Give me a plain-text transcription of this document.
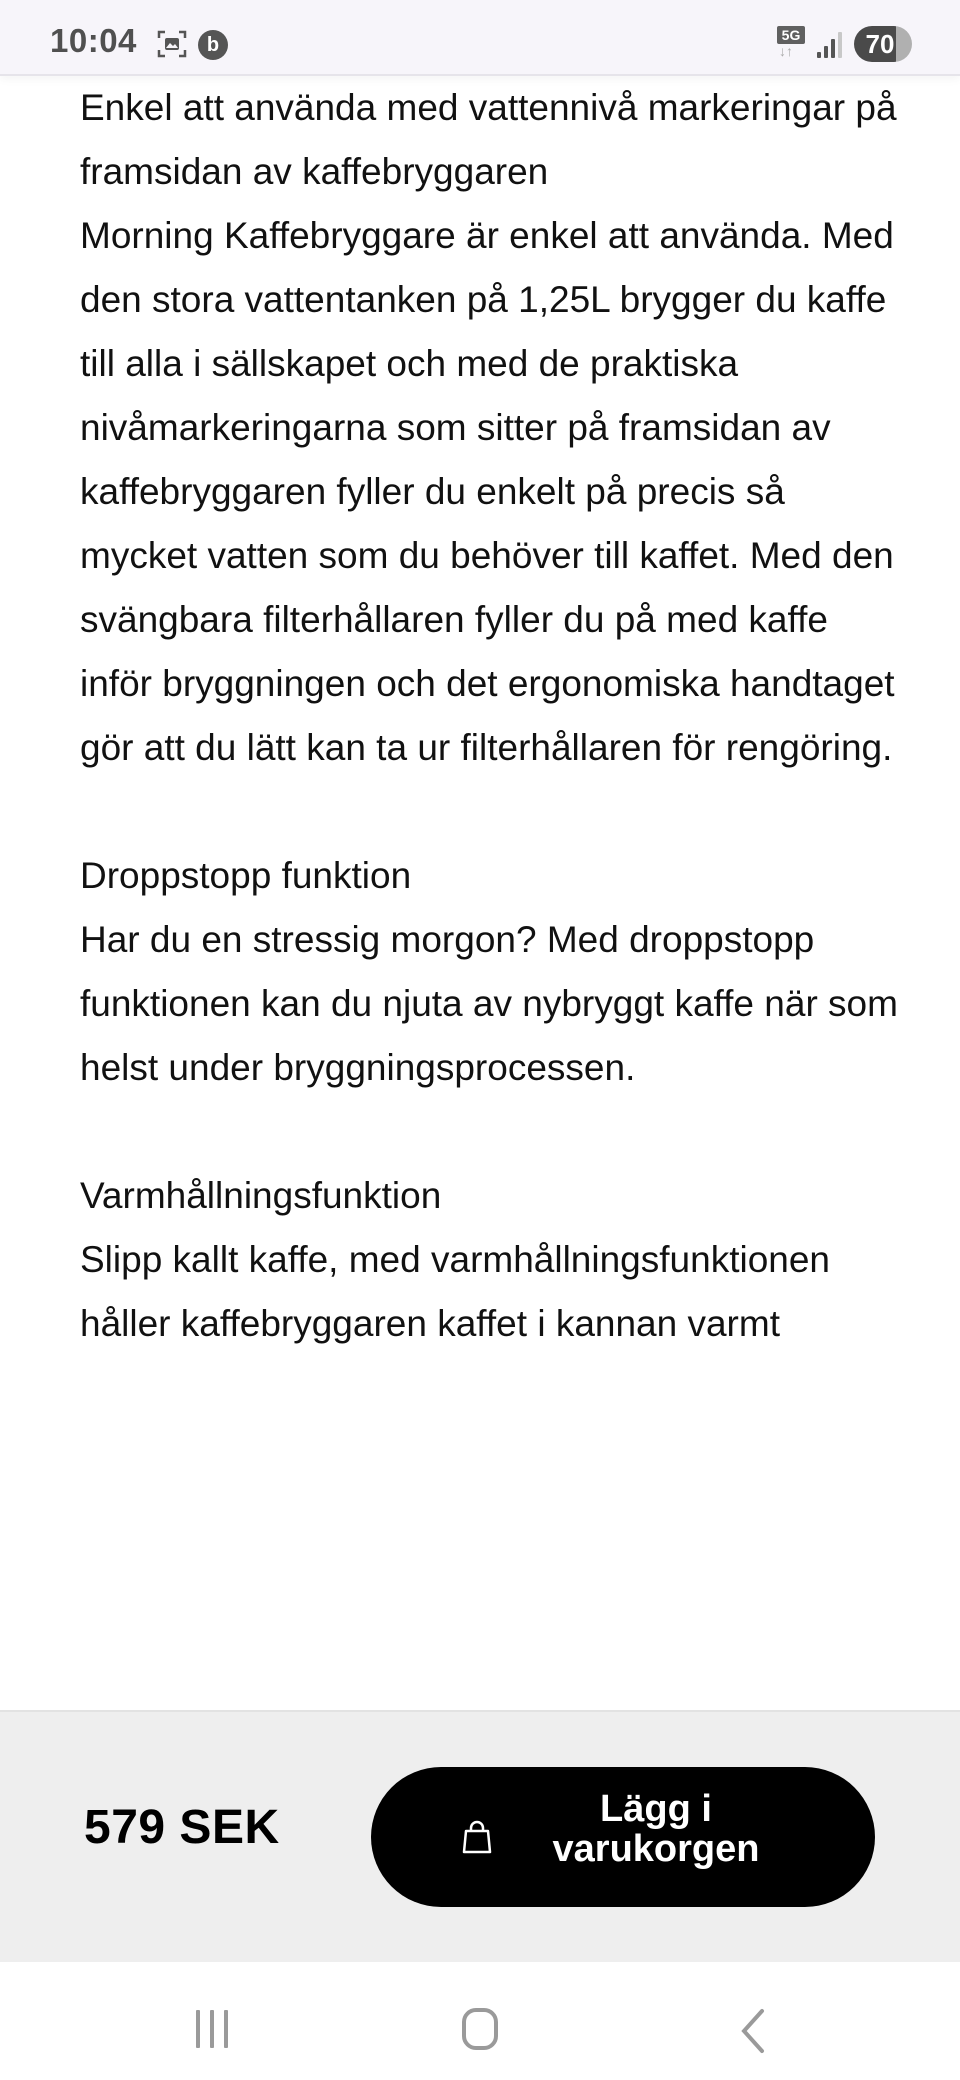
10:04	b	5G
↓↑	70

Enkel att använda med vattennivå markeringar på framsidan av kaffebryggaren

Morning Kaffebryggare är enkel att använda. Med den stora vattentanken på 1,25L brygger du kaffe till alla i sällskapet och med de praktiska nivåmarkeringarna som sitter på framsidan av kaffebryggaren fyller du enkelt på precis så mycket vatten som du behöver till kaffet. Med den svängbara filterhållaren fyller du på med kaffe inför bryggningen och det ergonomiska handtaget gör att du lätt kan ta ur filterhållaren för rengöring.

Droppstopp funktion

Har du en stressig morgon? Med droppstopp funktionen kan du njuta av nybryggt kaffe när som helst under bryggningsprocessen.

Varmhållningsfunktion

Slipp kallt kaffe, med varmhållningsfunktionen håller kaffebryggaren kaffet i kannan varmt

579 SEK	Lägg i varukorgen
